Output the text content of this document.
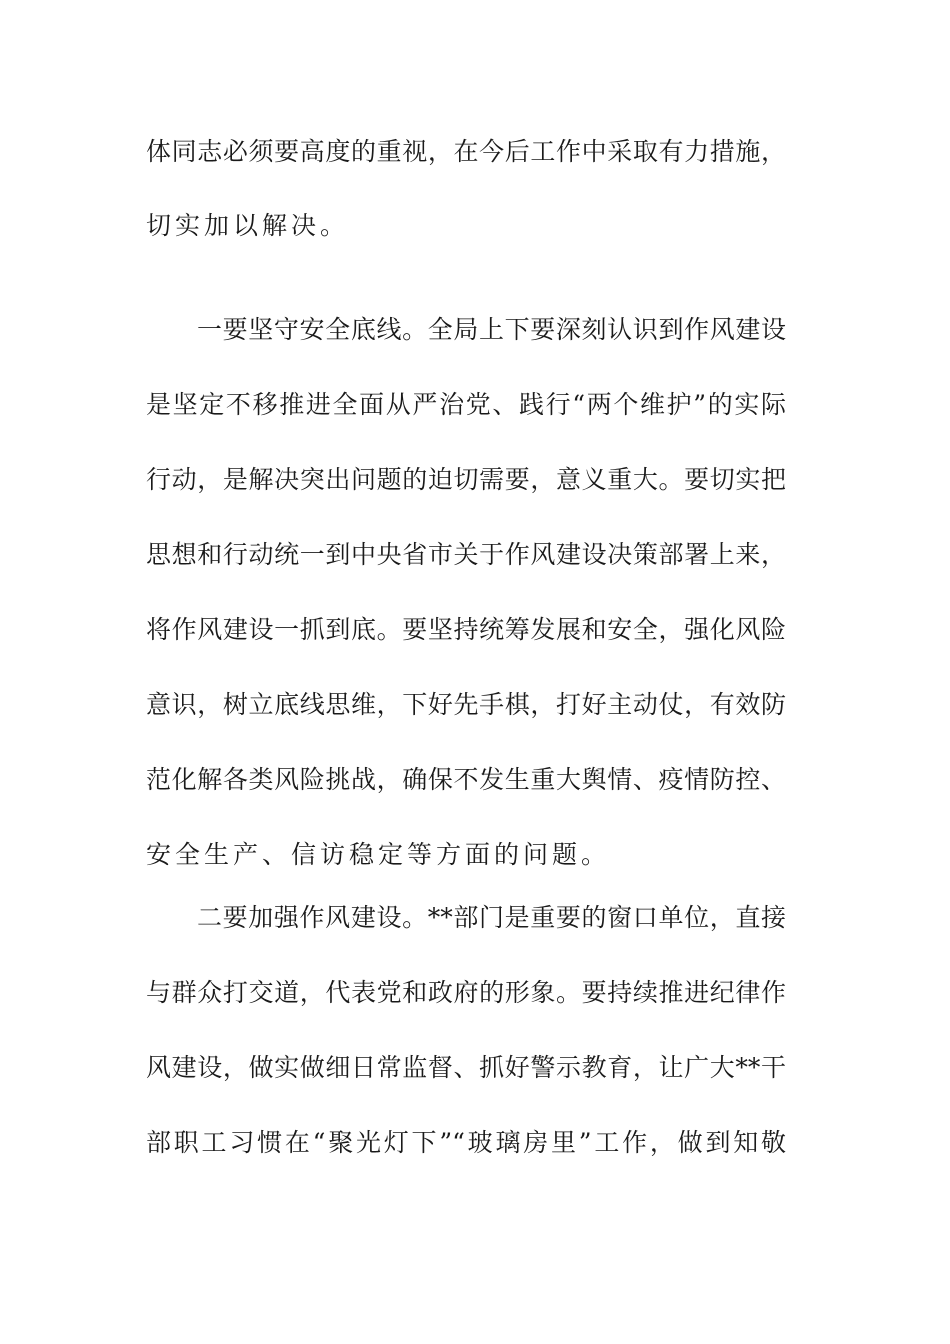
体同志必须要高度的重视，在今后工作中采取有力措施，
切实加以解决。
一要坚守安全底线。全局上下要深刻认识到作风建设
是坚定不移推进全面从严治党、践行“两个维护”的实际
行动，是解决突出问题的迫切需要，意义重大。要切实把
思想和行动统一到中央省市关于作风建设决策部署上来，
将作风建设一抓到底。要坚持统筹发展和安全，强化风险
意识，树立底线思维，下好先手棋，打好主动仗，有效防
范化解各类风险挑战，确保不发生重大舆情、疫情防控、
安全生产、信访稳定等方面的问题。
二要加强作风建设。**部门是重要的窗口单位，直接
与群众打交道，代表党和政府的形象。要持续推进纪律作
风建设，做实做细日常监督、抓好警示教育，让广大**干
部职工习惯在“聚光灯下”“玻璃房里”工作，做到知敬
